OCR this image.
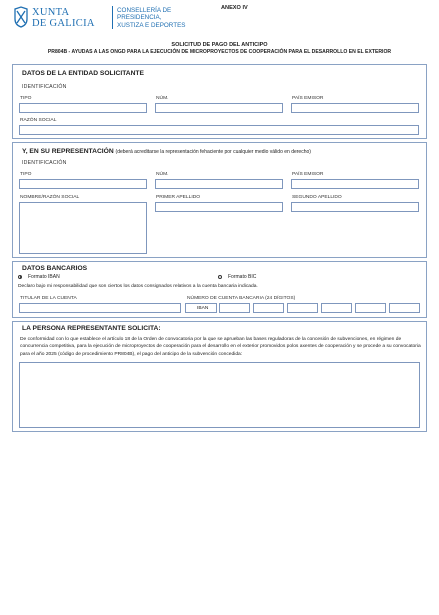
XUNTA
DE GALICIA
CONSELLERÍA DE
PRESIDENCIA,
XUSTIZA E DEPORTES
ANEXO IV
SOLICITUD DE PAGO DEL ANTICIPO
PR804B - AYUDAS A LAS ONGD PARA LA EJECUCIÓN DE MICROPROYECTOS DE COOPERACIÓN PARA EL DESARROLLO EN EL EXTERIOR
DATOS DE LA ENTIDAD SOLICITANTE
IDENTIFICACIÓN
TIPO	NÚM.	PAÍS EMISOR
RAZÓN SOCIAL
Y, EN SU REPRESENTACIÓN (deberá acreditarse la representación fehaciente por cualquier medio válido en derecho)
IDENTIFICACIÓN
TIPO	NÚM.	PAÍS EMISOR
NOMBRE/RAZÓN SOCIAL	PRIMER APELLIDO	SEGUNDO APELLIDO
DATOS BANCARIOS
Formato IBAN	Formato BIC
Declaro bajo mi responsabilidad que son ciertos los datos consignados relativos a la cuenta bancaria indicada.
TITULAR DE LA CUENTA	NÚMERO DE CUENTA BANCARIA (24 DÍGITOS)
IBAN
LA PERSONA REPRESENTANTE SOLICITA:
De conformidad con lo que establece el artículo 18 de la Orden de convocatoria por la que se aprueban las bases reguladoras de la concesión de subvenciones, en régimen de concurrencia competitiva, para la ejecución de microproyectos de cooperación para el desarrollo en el exterior promovidos polos axentes de cooperación y se procede a su convocatoria para el año 2025 (código de procedimiento PR804B), el pago del anticipo de la subvención concedida:
